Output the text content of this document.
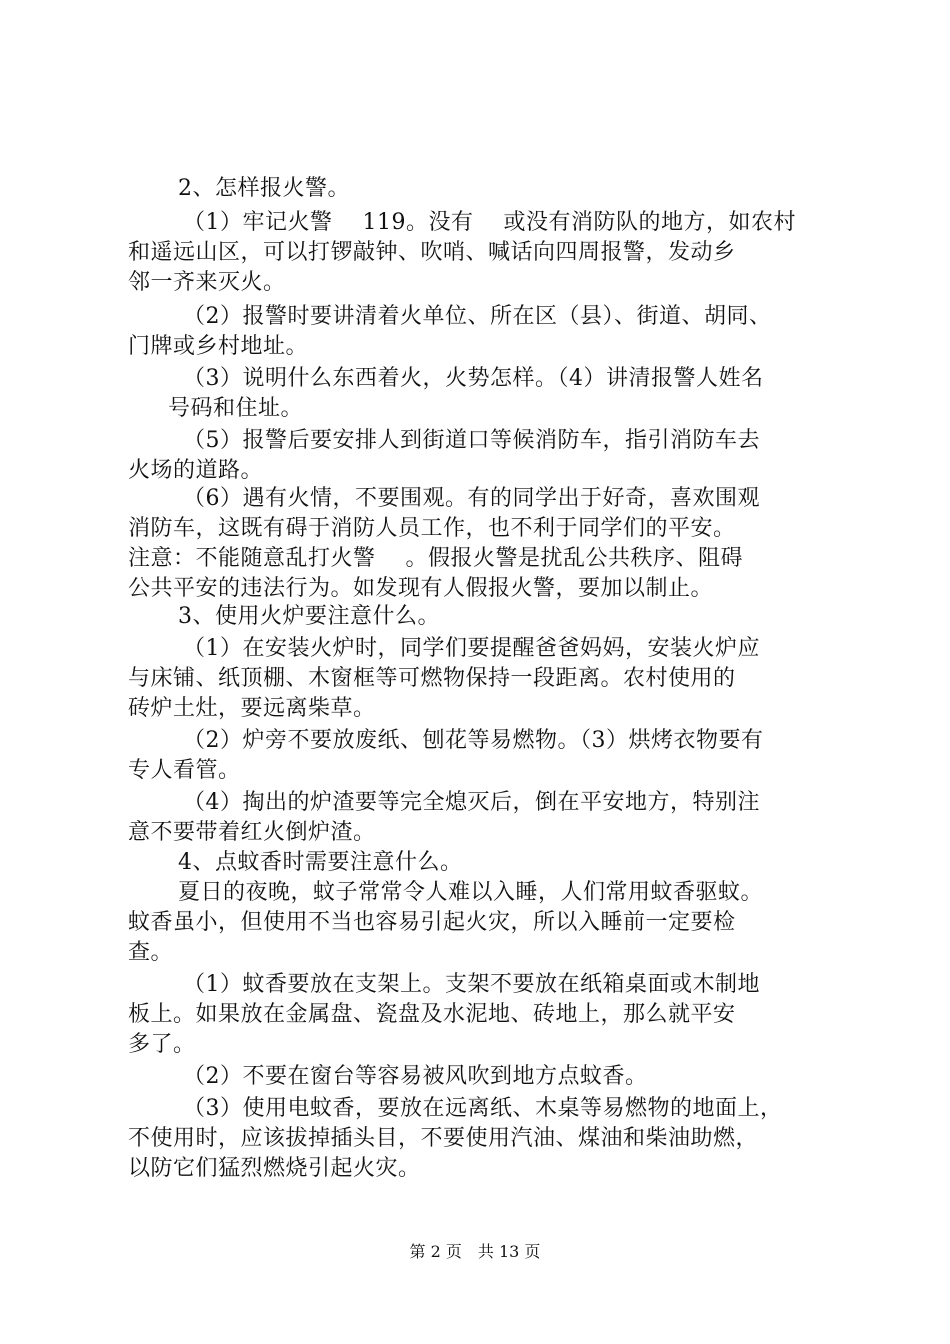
2、怎样报火警。
（1）牢记火警　 119。没有　 或没有消防队的地方，如农村
和遥远山区，可以打锣敲钟、吹哨、喊话向四周报警，发动乡
邻一齐来灭火。
（2）报警时要讲清着火单位、所在区（县）、街道、胡同、
门牌或乡村地址。
（3）说明什么东西着火，火势怎样。（4）讲清报警人姓名
号码和住址。
（5）报警后要安排人到街道口等候消防车，指引消防车去
火场的道路。
（6）遇有火情，不要围观。有的同学出于好奇，喜欢围观
消防车，这既有碍于消防人员工作，也不利于同学们的平安。
注意：不能随意乱打火警　 。假报火警是扰乱公共秩序、阻碍
公共平安的违法行为。如发现有人假报火警，要加以制止。
3、使用火炉要注意什么。
（1）在安装火炉时，同学们要提醒爸爸妈妈，安装火炉应
与床铺、纸顶棚、木窗框等可燃物保持一段距离。农村使用的
砖炉土灶，要远离柴草。
（2）炉旁不要放废纸、刨花等易燃物。（3）烘烤衣物要有
专人看管。
（4）掏出的炉渣要等完全熄灭后，倒在平安地方，特别注
意不要带着红火倒炉渣。
4、点蚊香时需要注意什么。
夏日的夜晚，蚊子常常令人难以入睡，人们常用蚊香驱蚊。
蚊香虽小，但使用不当也容易引起火灾，所以入睡前一定要检
查。
（1）蚊香要放在支架上。支架不要放在纸箱桌面或木制地
板上。如果放在金属盘、瓷盘及水泥地、砖地上，那么就平安
多了。
（2）不要在窗台等容易被风吹到地方点蚊香。
（3）使用电蚊香，要放在远离纸、木桌等易燃物的地面上，
不使用时，应该拔掉插头目，不要使用汽油、煤油和柴油助燃，
以防它们猛烈燃烧引起火灾。
第 2 页　共 13 页
